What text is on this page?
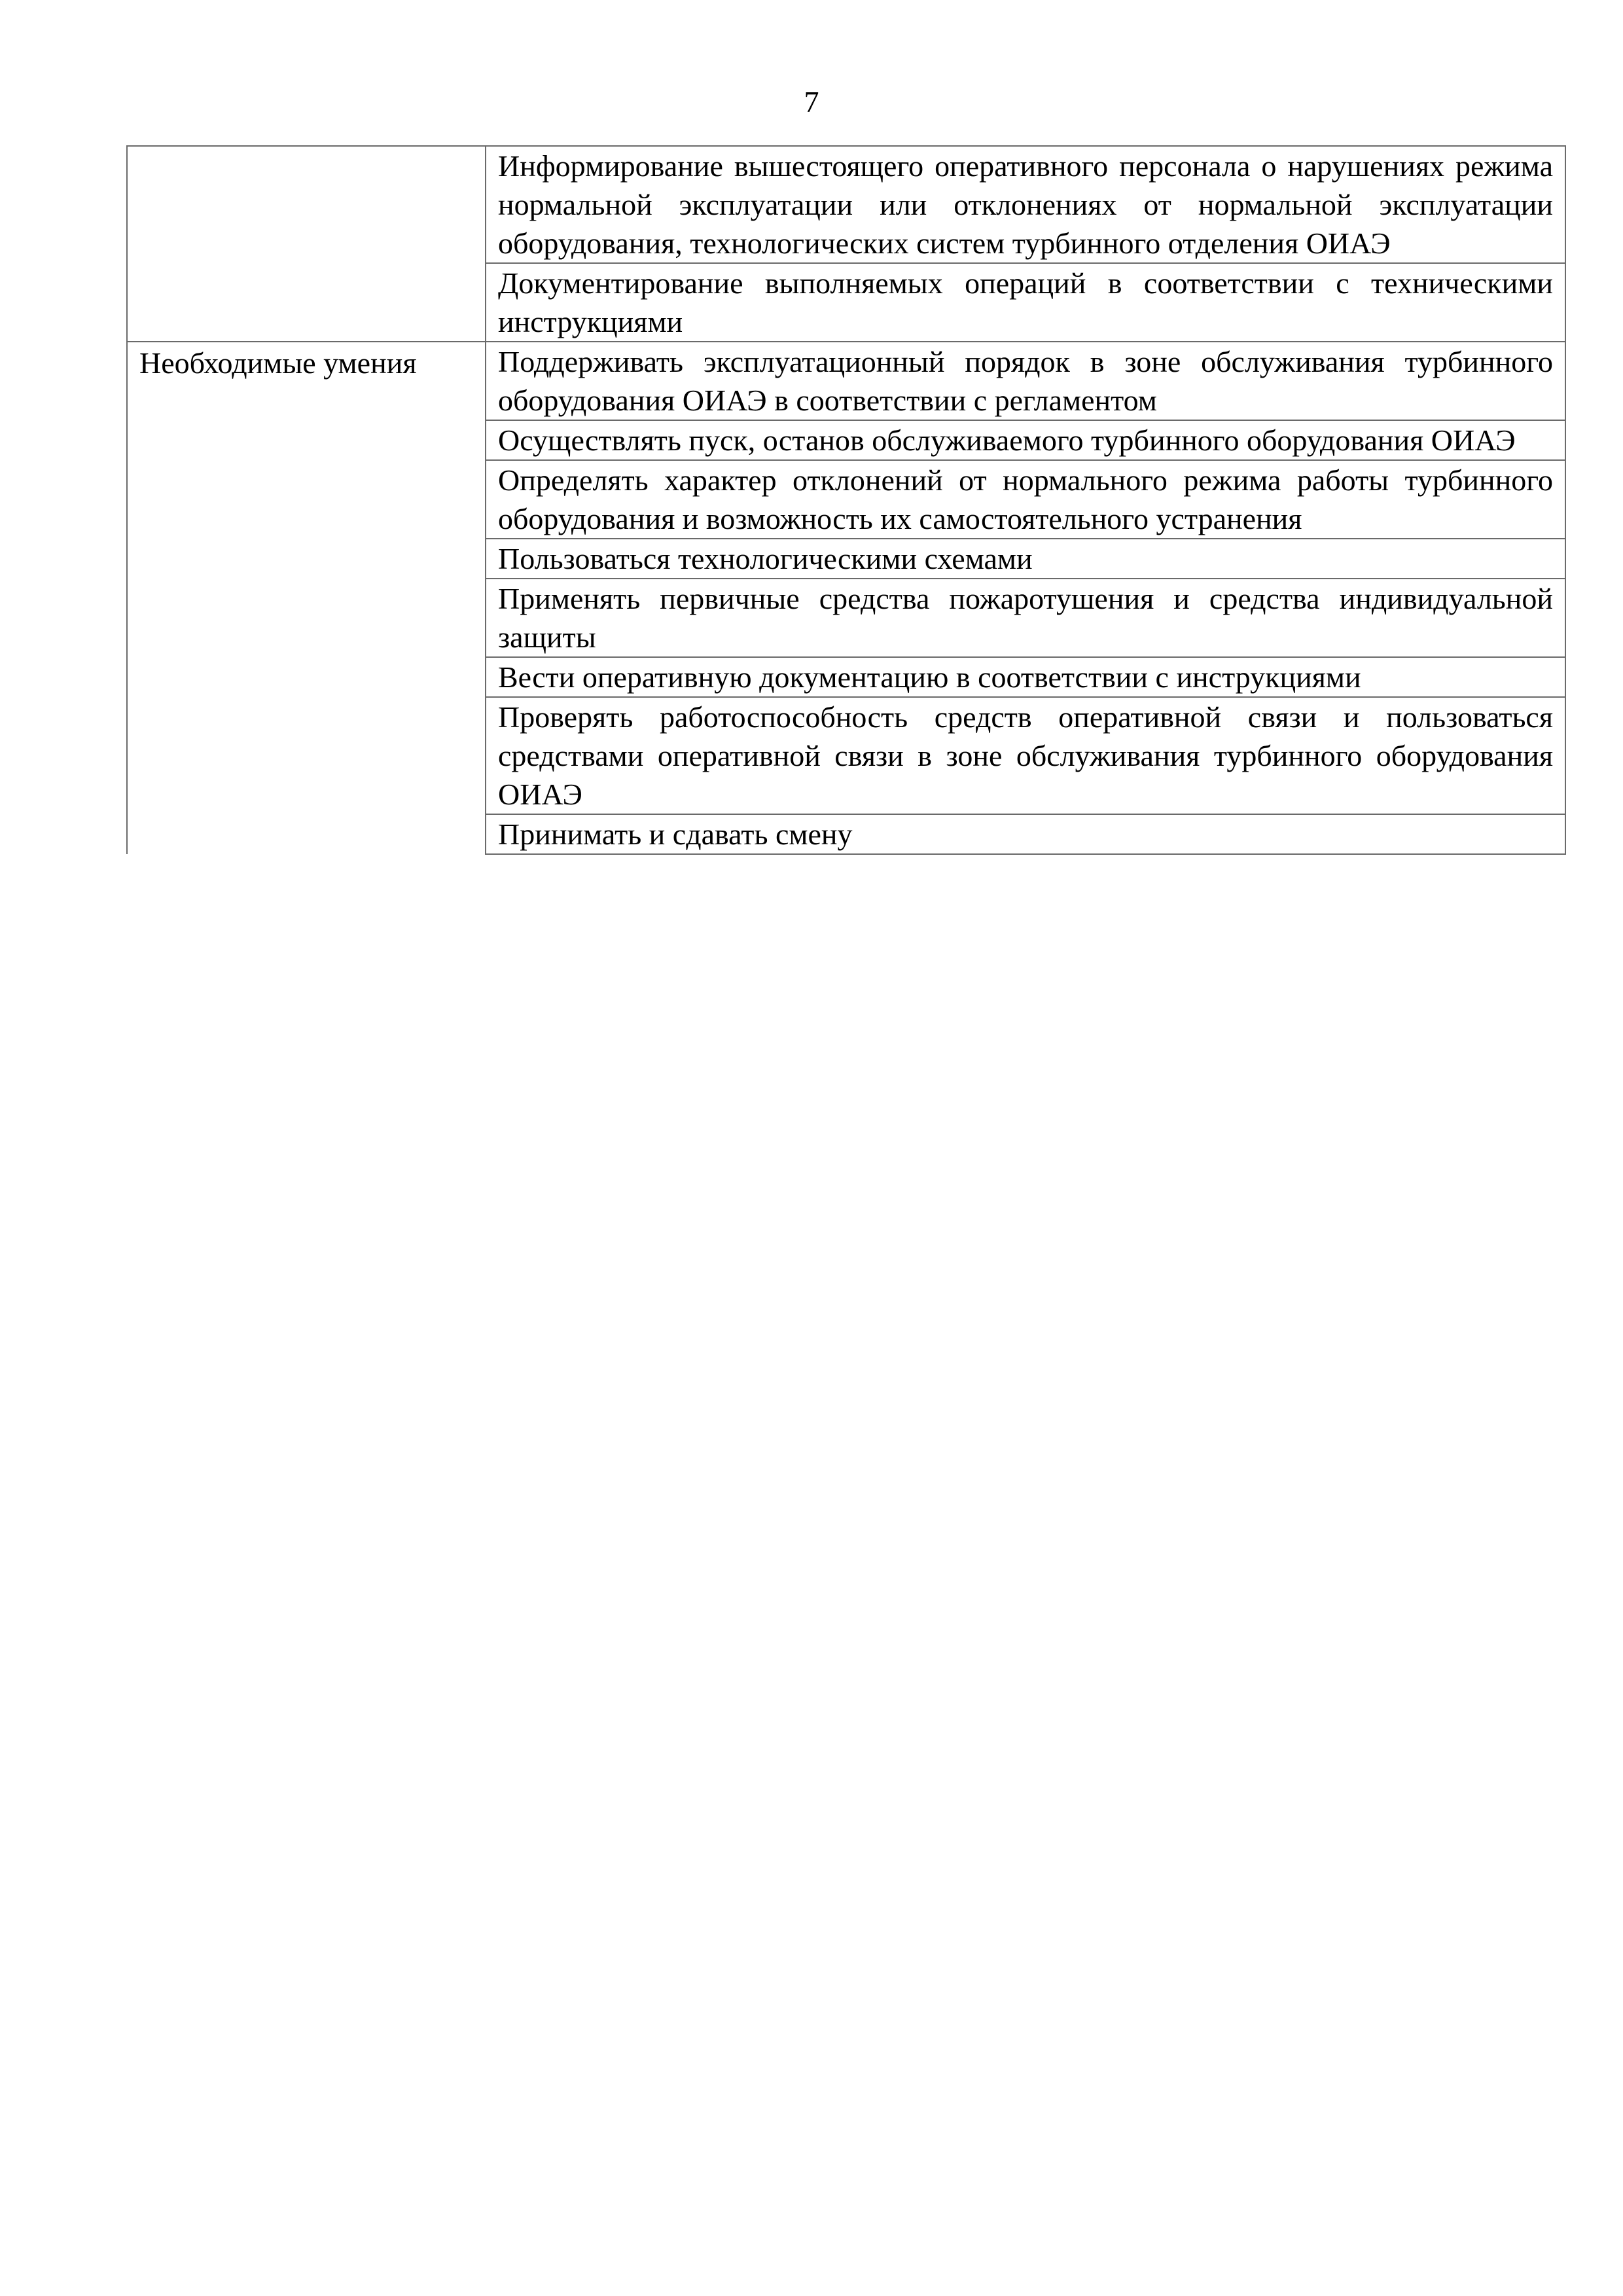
7
	Информирование вышестоящего оперативного персонала о нарушениях режима нормальной эксплуатации или отклонениях от нормальной эксплуатации оборудования, технологических систем турбинного отделения ОИАЭ
	Документирование выполняемых операций в соответствии с техническими инструкциями
Необходимые умения	Поддерживать эксплуатационный порядок в зоне обслуживания турбинного оборудования ОИАЭ в соответствии с регламентом
	Осуществлять пуск, останов обслуживаемого турбинного оборудования ОИАЭ
	Определять характер отклонений от нормального режима работы турбинного оборудования и возможность их самостоятельного устранения
	Пользоваться технологическими схемами
	Применять первичные средства пожаротушения и средства индивидуальной защиты
	Вести оперативную документацию в соответствии с инструкциями
	Проверять работоспособность средств оперативной связи и пользоваться средствами оперативной связи в зоне обслуживания турбинного оборудования ОИАЭ
	Принимать и сдавать смену
